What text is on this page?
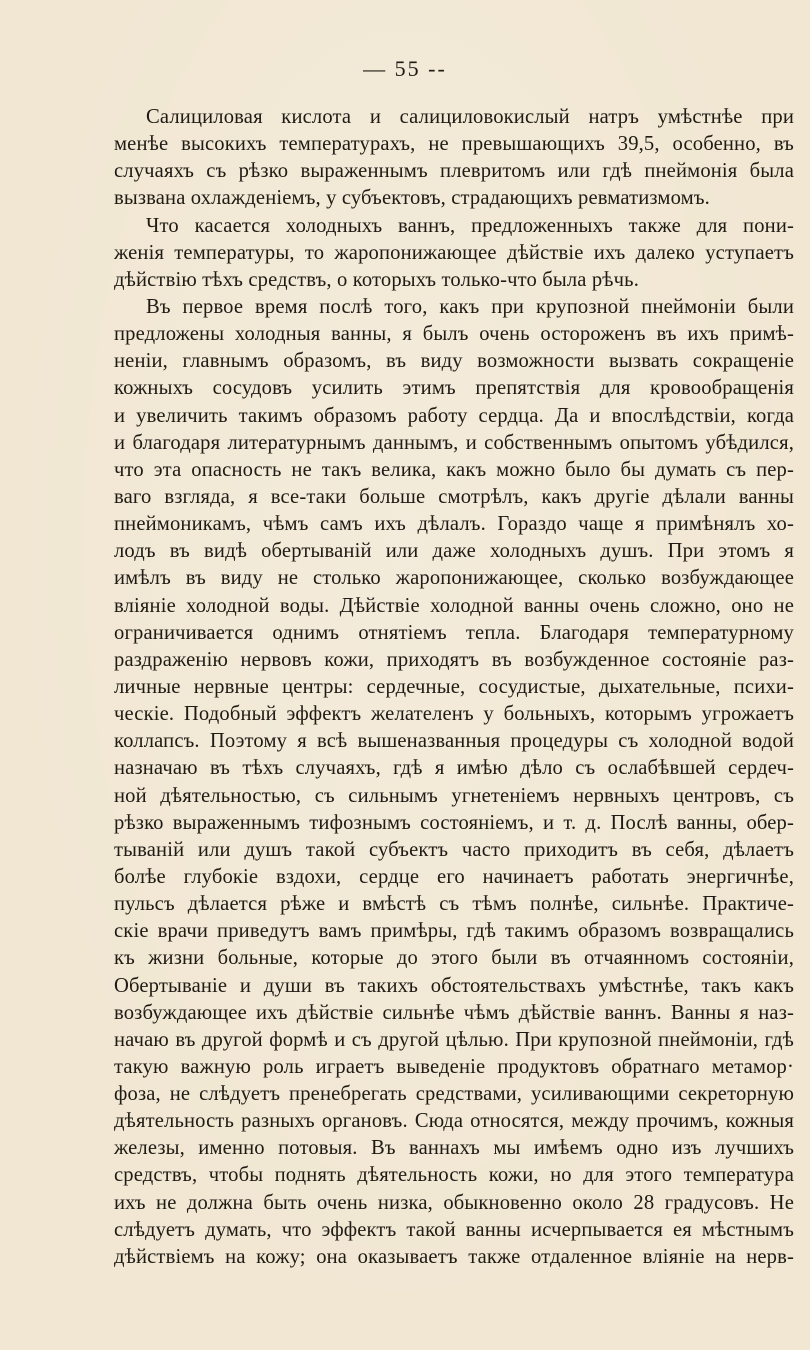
— 55 --
Салициловая кислота и салициловокислый натръ умѣстнѣе при
менѣе высокихъ температурахъ, не превышающихъ 39,5, особенно, въ
случаяхъ съ рѣзко выраженнымъ плевритомъ или гдѣ пнеймонія была
вызвана охлажденіемъ, у субъектовъ, страдающихъ ревматизмомъ.
Что касается холодныхъ ваннъ, предложенныхъ также для пони-
женія температуры, то жаропонижающее дѣйствіе ихъ далеко уступаетъ
дѣйствію тѣхъ средствъ, о которыхъ только-что была рѣчь.
Въ первое время послѣ того, какъ при крупозной пнеймоніи были
предложены холодныя ванны, я былъ очень остороженъ въ ихъ примѣ-
неніи, главнымъ образомъ, въ виду возможности вызвать сокращеніе
кожныхъ сосудовъ усилить этимъ препятствія для кровообращенія
и увеличить такимъ образомъ работу сердца. Да и впослѣдствіи, когда
и благодаря литературнымъ даннымъ, и собственнымъ опытомъ убѣдился,
что эта опасность не такъ велика, какъ можно было бы думать съ пер-
ваго взгляда, я все-таки больше смотрѣлъ, какъ другіе дѣлали ванны
пнеймоникамъ, чѣмъ самъ ихъ дѣлалъ. Гораздо чаще я примѣнялъ хо-
лодъ въ видѣ обертываній или даже холодныхъ душъ. При этомъ я
имѣлъ въ виду не столько жаропонижающее, сколько возбуждающее
вліяніе холодной воды. Дѣйствіе холодной ванны очень сложно, оно не
ограничивается однимъ отнятіемъ тепла. Благодаря температурному
раздраженію нервовъ кожи, приходятъ въ возбужденное состояніе раз-
личные нервные центры: сердечные, сосудистые, дыхательные, психи-
ческіе. Подобный эффектъ желателенъ у больныхъ, которымъ угрожаетъ
коллапсъ. Поэтому я всѣ вышеназванныя процедуры съ холодной водой
назначаю въ тѣхъ случаяхъ, гдѣ я имѣю дѣло съ ослабѣвшей сердеч-
ной дѣятельностью, съ сильнымъ угнетеніемъ нервныхъ центровъ, съ
рѣзко выраженнымъ тифознымъ состояніемъ, и т. д. Послѣ ванны, обер-
тываній или душъ такой субъектъ часто приходитъ въ себя, дѣлаетъ
болѣе глубокіе вздохи, сердце его начинаетъ работать энергичнѣе,
пульсъ дѣлается рѣже и вмѣстѣ съ тѣмъ полнѣе, сильнѣе. Практиче-
скіе врачи приведутъ вамъ примѣры, гдѣ такимъ образомъ возвращались
къ жизни больные, которые до этого были въ отчаянномъ состояніи,
Обертываніе и души въ такихъ обстоятельствахъ умѣстнѣе, такъ какъ
возбуждающее ихъ дѣйствіе сильнѣе чѣмъ дѣйствіе ваннъ. Ванны я наз-
начаю въ другой формѣ и съ другой цѣлью. При крупозной пнеймоніи, гдѣ
такую важную роль играетъ выведеніе продуктовъ обратнаго метамор·
фоза, не слѣдуетъ пренебрегать средствами, усиливающими секреторную
дѣятельность разныхъ органовъ. Сюда относятся, между прочимъ, кожныя
железы, именно потовыя. Въ ваннахъ мы имѣемъ одно изъ лучшихъ
средствъ, чтобы поднять дѣятельность кожи, но для этого температура
ихъ не должна быть очень низка, обыкновенно около 28 градусовъ. Не
слѣдуетъ думать, что эффектъ такой ванны исчерпывается ея мѣстнымъ
дѣйствіемъ на кожу; она оказываетъ также отдаленное вліяніе на нерв-
